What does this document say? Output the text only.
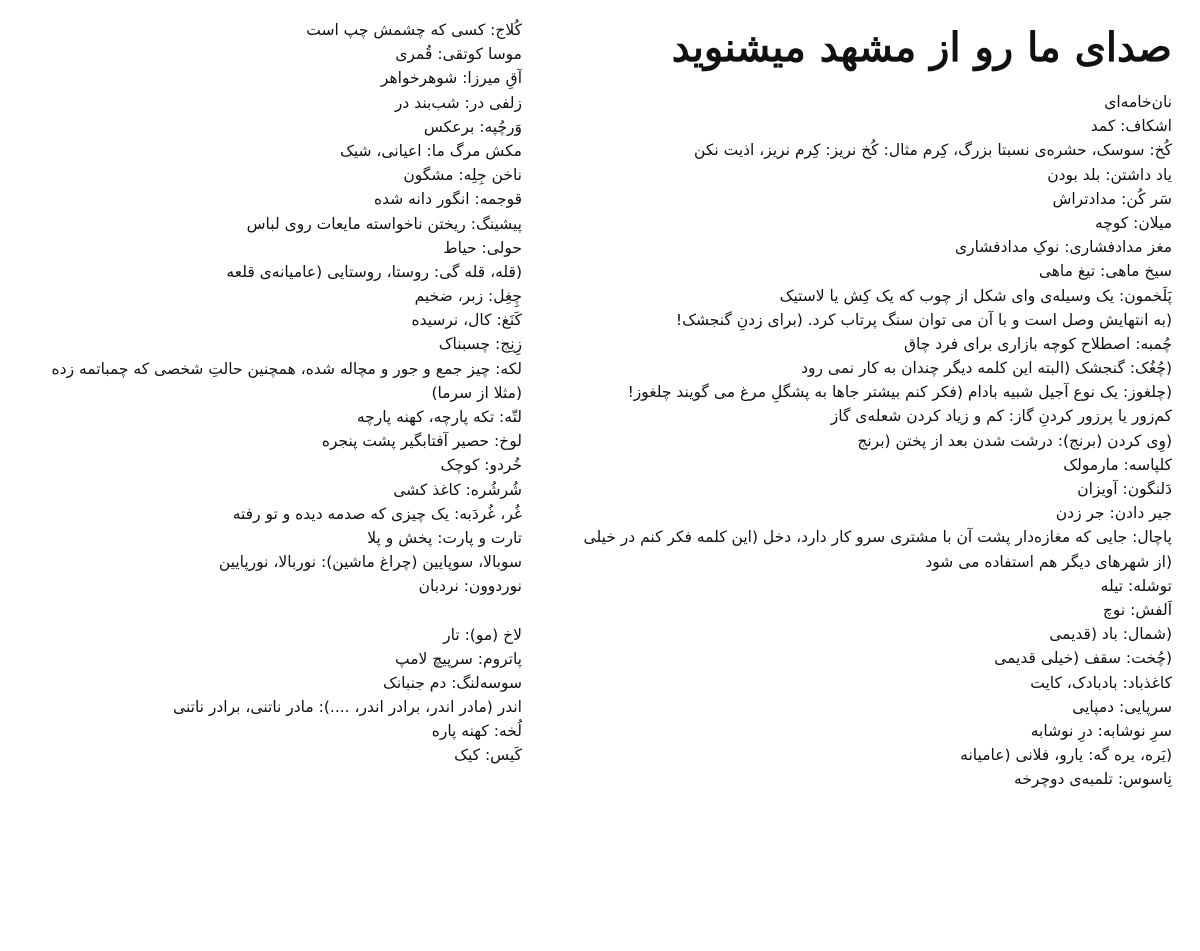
صدای ما رو از مشهد میشنوید
نان‌خامه‌ای
اشکاف: کمد
کُخ: سوسک، حشره‌ی نسبتا بزرگ، کِرم مثال: کُخ نریز: کِرم نریز، اذیت نکن
یاد داشتن: بلد بودن
سَر کُن: مدادتراش
میلان: کوچه
مغز مدادفشاری: نوکِ مدادفشاری
سیخ ماهی: تیغ ماهی
پَلَخمون: یک وسیله‌ی وای شکل از چوب که یک کِش یا لاستیک
(به انتهایش وصل است و با آن می توان سنگ پرتاب کرد. (برای زدنِ گنجشک!
چُمبه: اصطلاح کوچه بازاری برای فرد چاق
(چُغُک: گنجشک (البته این کلمه دیگر چندان به کار نمی رود
(چلغوز: یک نوع آجیل شبیه بادام (فکر کنم بیشتر جاها به پشگلِ مرغ می گویند چلغوز!
کم‌زور یا پرزور کردنِ گاز: کم و زیاد کردن شعله‌ی گاز
(وِی کردن (برنج): درشت شدن بعد از پختن (برنج
کلپاسه: مارمولک
دَلنگون: آویزان
جیر دادن: جر زدن
پاچال: جایی که مغازه‌دار پشت آن با مشتری سرو کار دارد، دخل (این کلمه فکر کنم در خیلی
(از شهرهای دیگر هم استفاده می شود
توشله: تیله
اَلفش: نوچ
(شمال: باد (قدیمی
(چُخت: سقف (خیلی قدیمی
کاغذباد: بادبادک، کایت
سرپایی: دمپایی
سرِ نوشابه: درِ نوشابه
(یَره، یره گه: یارو، فلانی (عامیانه
نِاسوس: تلمبه‌ی دوچرخه
کُلاج: کسی که چشمش چپ است
موسا کوتقی: قُمری
آقِ میرزا: شوهرخواهر
زلفی در: شب‌بند در
وَرچُپه: برعکس
مکش مرگ ما: اعیانی، شیک
ناخن جِلِه: مشگون
قوجمه: انگور دانه شده
پیشینگ: ریختن ناخواسته مایعات روی لباس
حولی: حیاط
(قله، قله گی: روستا، روستایی (عامیانه‌ی قلعه
چِغِل: زبر، ضخیم
کَنَغ: کال، نرسیده
زِنِج: چسبناک
لکه: چیز جمع و جور و مچاله شده، همچنین حالتِ شخصی که چمباتمه زده
(مثلا از سرما)
لتّه: تکه پارچه، کهنه پارچه
لوخ: حصیر آفتابگیر پشت پنجره
خُردو: کوچک
شُرشُره: کاغذ کشی
غُر، غُردَبه: یک چیزی که صدمه دیده و تو رفته
تارت و پارت: پخش و پلا
سوبالا، سوپایین (چراغ ماشین): نوربالا، نورپایین
نوردوون: نردبان
لاخ (مو): تار
پاتروم: سرپیچ لامپ
سوسه‌لنگ: دم جنبانک
اندر (مادر اندر، برادر اندر، ....): مادر ناتنی، برادر ناتنی
لُخه: کهنه پاره
کَیس: کیک
